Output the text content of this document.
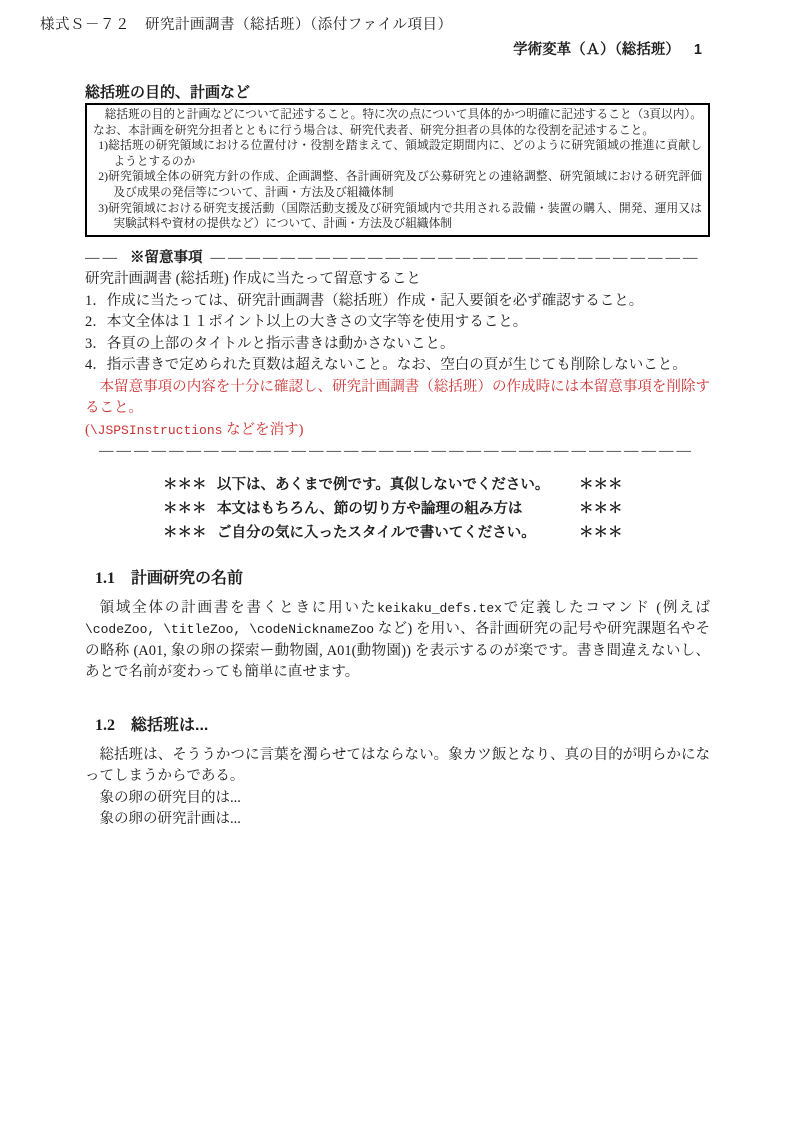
様式Ｓ－７２　研究計画調書（総括班）（添付ファイル項目）
学術変革（Ａ）（総括班） 1
総括班の目的、計画など

総括班の目的と計画などについて記述すること。特に次の点について具体的かつ明確に記述すること（3頁以内）。なお、本計画を研究分担者とともに行う場合は、研究代表者、研究分担者の具体的な役割を記述すること。

1)総括班の研究領域における位置付け・役割を踏まえて、領域設定期間内に、どのように研究領域の推進に貢献しようとするのか

2)研究領域全体の研究方針の作成、企画調整、各計画研究及び公募研究との連絡調整、研究領域における研究評価及び成果の発信等について、計画・方法及び組織体制

3)研究領域における研究支援活動（国際活動支援及び研究領域内で共用される設備・装置の購入、開発、運用又は実験試料や資材の提供など）について、計画・方法及び組織体制

—— ※留意事項 ————————————————————————————

研究計画調書 (総括班) 作成に当たって留意すること

1．作成に当たっては、研究計画調書（総括班）作成・記入要領を必ず確認すること。

2．本文全体は１１ポイント以上の大きさの文字等を使用すること。

3．各頁の上部のタイトルと指示書きは動かさないこと。

4．指示書きで定められた頁数は超えないこと。なお、空白の頁が生じても削除しないこと。

本留意事項の内容を十分に確認し、研究計画調書（総括班）の作成時には本留意事項を削除すること。

(\JSPSInstructions などを消す)

——————————————————————————————————
＊＊＊ 以下は、あくまで例です。真似しないでください。	＊＊＊
＊＊＊ 本文はもちろん、節の切り方や論理の組み方は	＊＊＊
＊＊＊ ご自分の気に入ったスタイルで書いてください。	＊＊＊
1.1 計画研究の名前

領域全体の計画書を書くときに用いたkeikaku_defs.texで定義したコマンド (例えば\codeZoo, \titleZoo, \codeNicknameZoo など) を用い、各計画研究の記号や研究課題名やその略称 (A01, 象の卵の探索ー動物園, A01(動物園)) を表示するのが楽です。書き間違えないし、あとで名前が変わっても簡単に直せます。

1.2 総括班は...

総括班は、そううかつに言葉を濁らせてはならない。象カツ飯となり、真の目的が明らかになってしまうからである。

象の卵の研究目的は...

象の卵の研究計画は...
